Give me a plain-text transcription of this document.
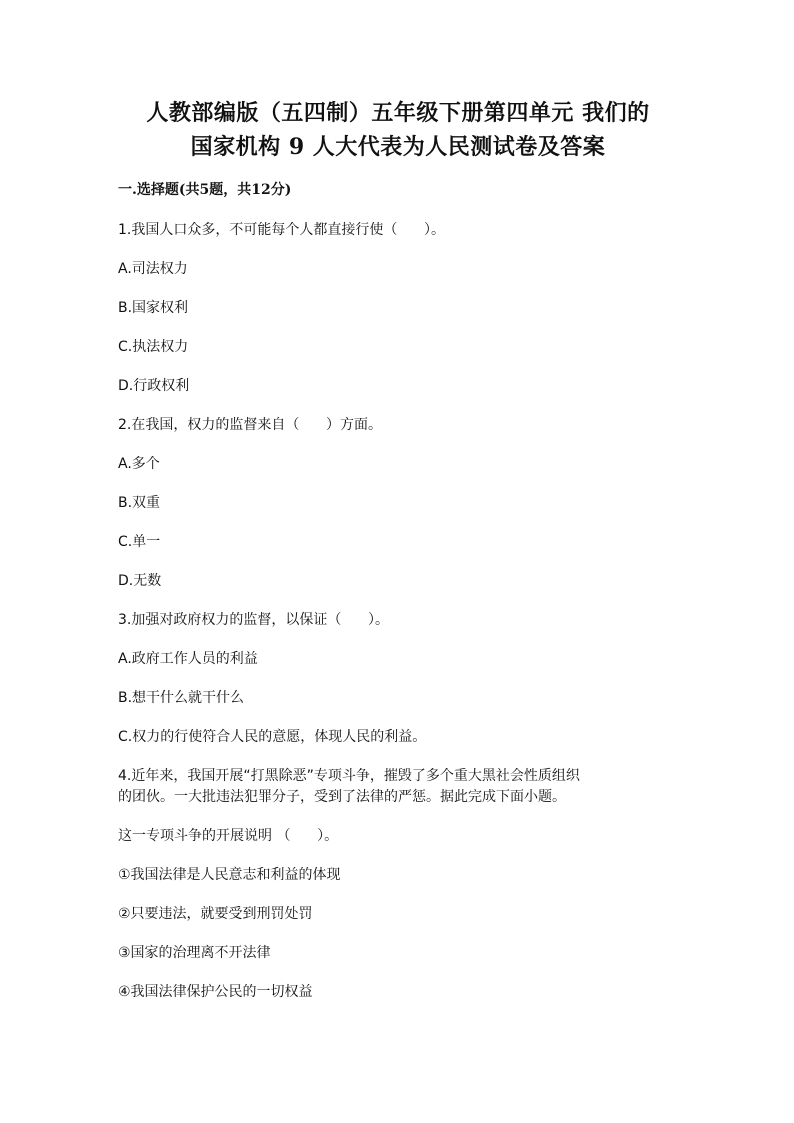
人教部编版（五四制）五年级下册第四单元 我们的
国家机构 9 人大代表为人民测试卷及答案
一.选择题(共5题，共12分)

1.我国人口众多，不可能每个人都直接行使（      ）。

A.司法权力

B.国家权利

C.执法权力

D.行政权利

2.在我国，权力的监督来自（      ）方面。

A.多个

B.双重

C.单一

D.无数

3.加强对政府权力的监督，以保证（      ）。

A.政府工作人员的利益

B.想干什么就干什么

C.权力的行使符合人民的意愿，体现人民的利益。

4.近年来，我国开展“打黑除恶”专项斗争，摧毁了多个重大黑社会性质组织

的团伙。一大批违法犯罪分子，受到了法律的严惩。据此完成下面小题。

这一专项斗争的开展说明 （      ）。

①我国法律是人民意志和利益的体现

②只要违法，就要受到刑罚处罚

③国家的治理离不开法律

④我国法律保护公民的一切权益
